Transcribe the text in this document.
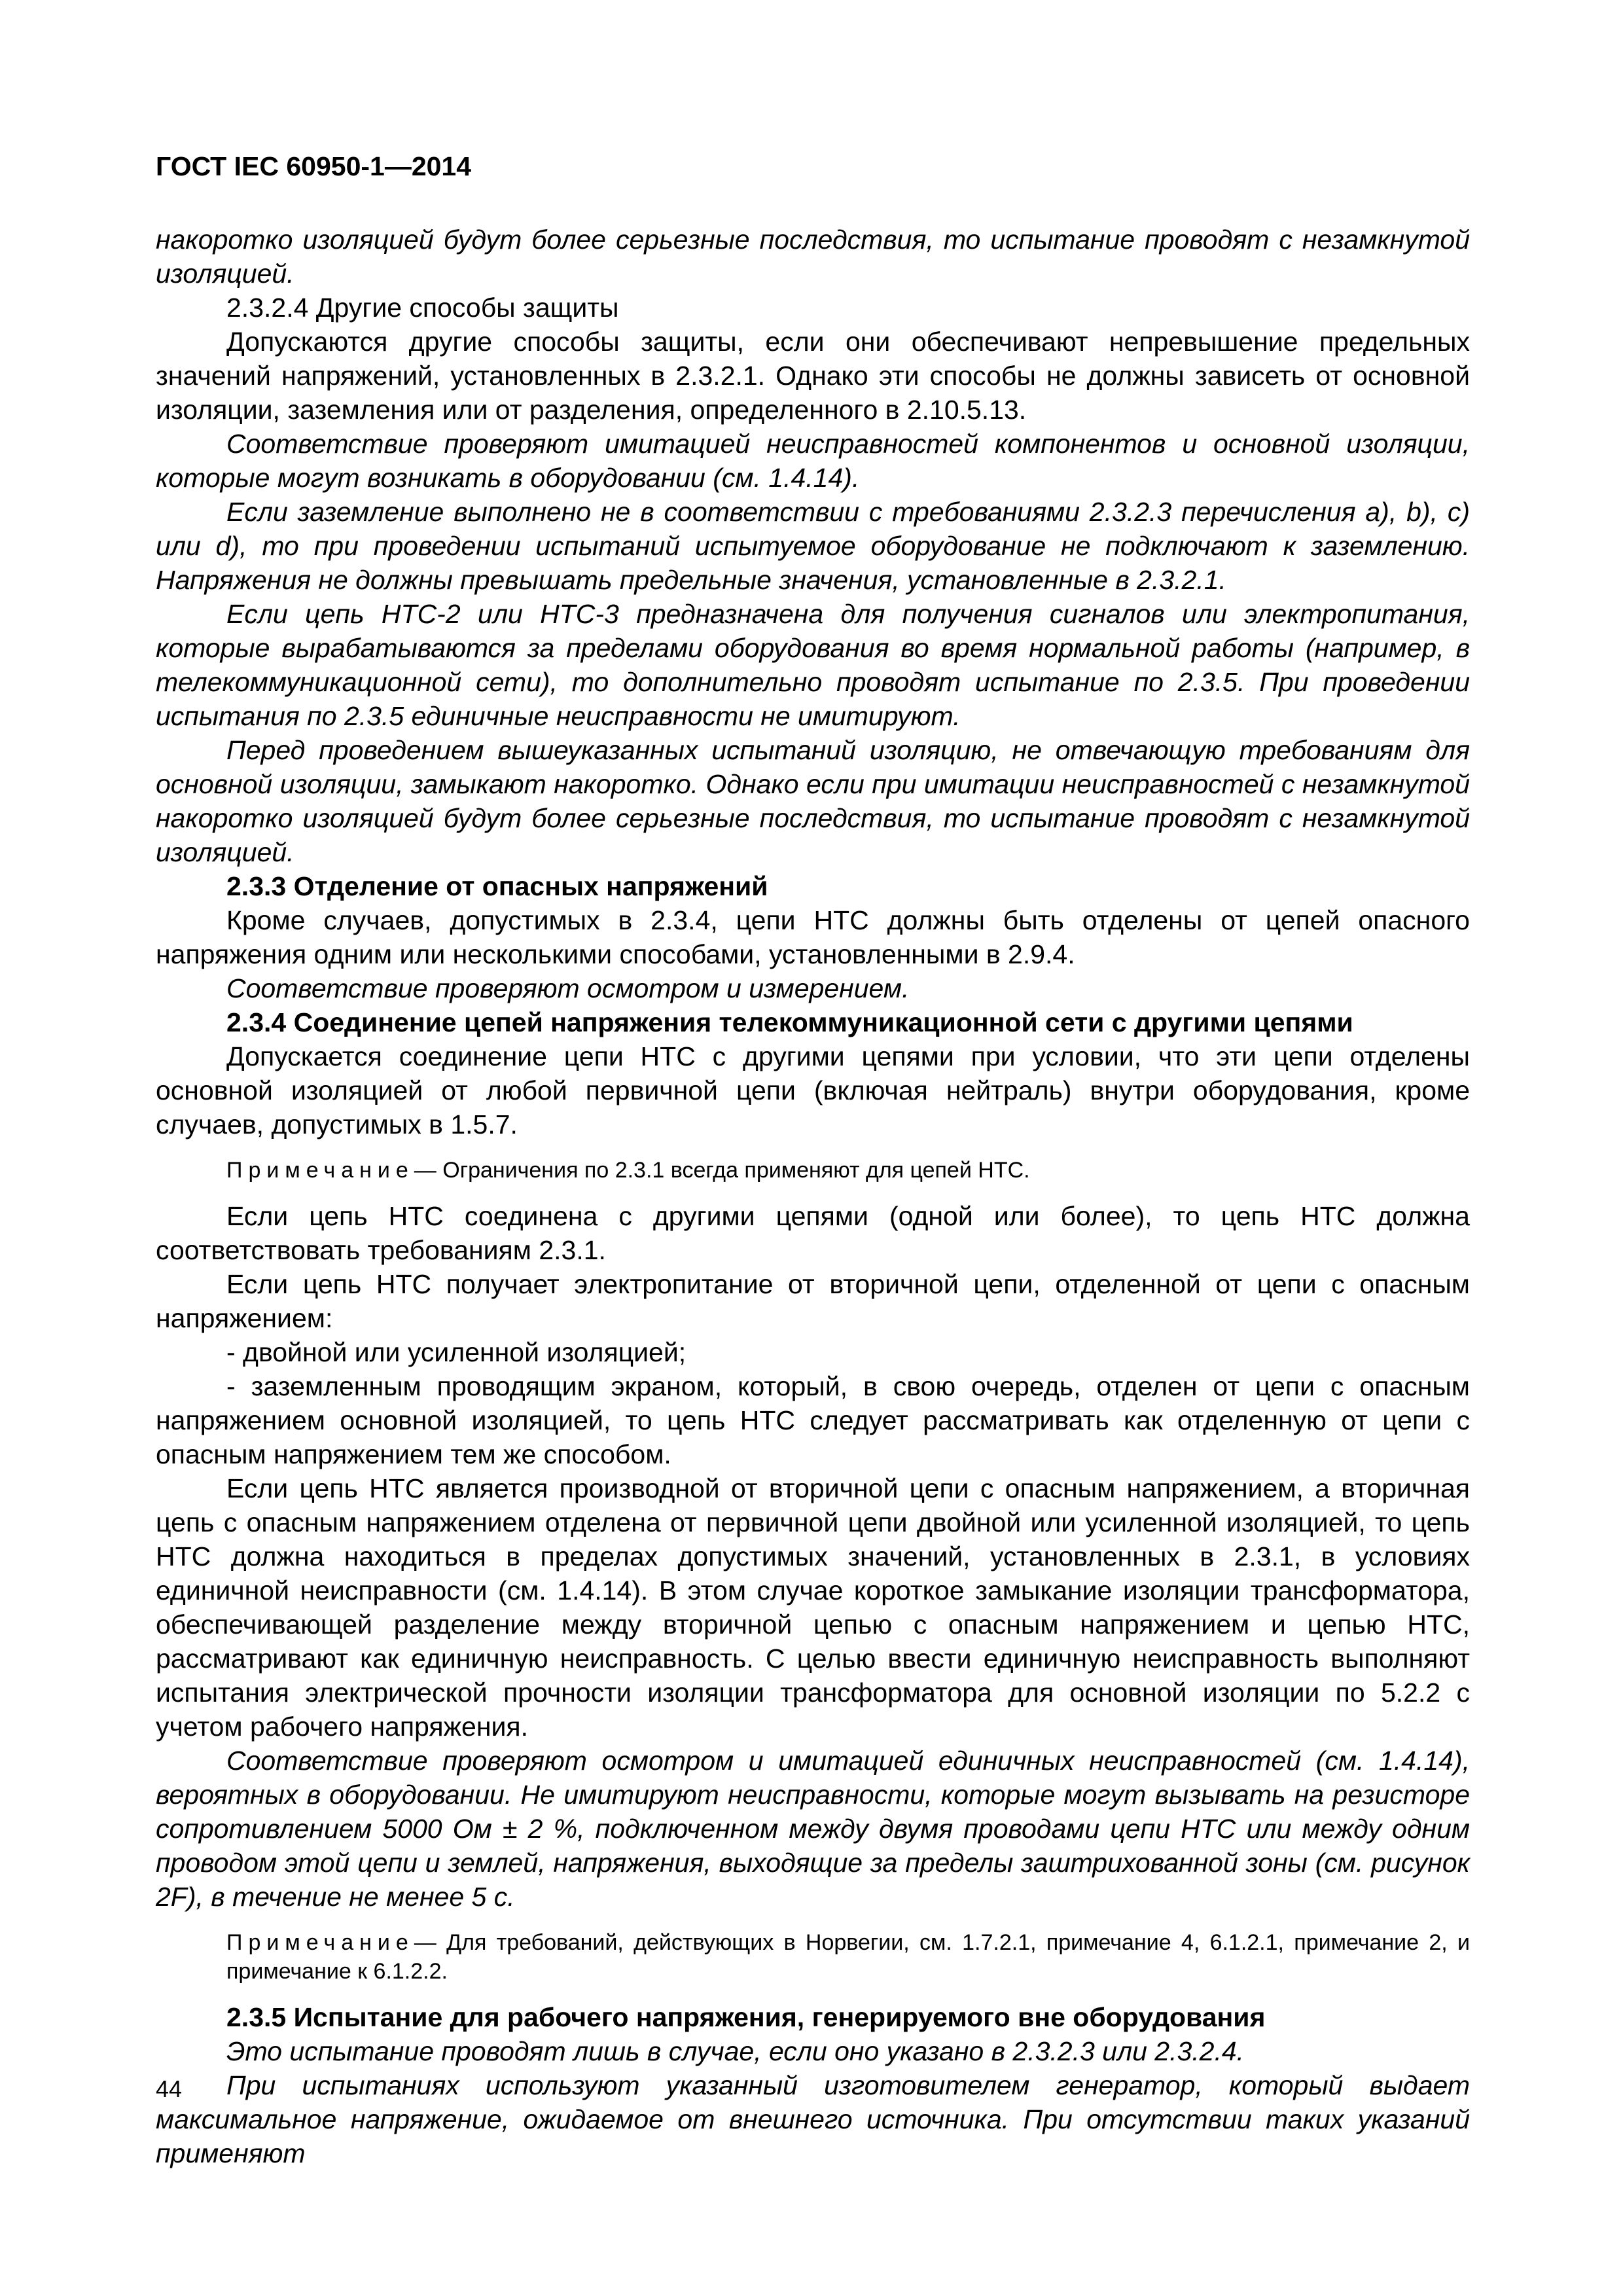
ГОСТ IEC 60950-1—2014

накоротко изоляцией будут более серьезные последствия, то испытание проводят с незамкнутой изоляцией.

2.3.2.4 Другие способы защиты

Допускаются другие способы защиты, если они обеспечивают непревышение предельных значений напряжений, установленных в 2.3.2.1. Однако эти способы не должны зависеть от основной изоляции, заземления или от разделения, определенного в 2.10.5.13.

Соответствие проверяют имитацией неисправностей компонентов и основной изоляции, которые могут возникать в оборудовании (см. 1.4.14).

Если заземление выполнено не в соответствии с требованиями 2.3.2.3 перечисления a), b), c) или d), то при проведении испытаний испытуемое оборудование не подключают к заземлению. Напряжения не должны превышать предельные значения, установленные в 2.3.2.1.

Если цепь НТС-2 или НТС-3 предназначена для получения сигналов или электропитания, которые вырабатываются за пределами оборудования во время нормальной работы (например, в телекоммуникационной сети), то дополнительно проводят испытание по 2.3.5. При проведении испытания по 2.3.5 единичные неисправности не имитируют.

Перед проведением вышеуказанных испытаний изоляцию, не отвечающую требованиям для основной изоляции, замыкают накоротко. Однако если при имитации неисправностей с незамкнутой накоротко изоляцией будут более серьезные последствия, то испытание проводят с незамкнутой изоляцией.

2.3.3 Отделение от опасных напряжений

Кроме случаев, допустимых в 2.3.4, цепи НТС должны быть отделены от цепей опасного напряжения одним или несколькими способами, установленными в 2.9.4.

Соответствие проверяют осмотром и измерением.

2.3.4 Соединение цепей напряжения телекоммуникационной сети с другими цепями

Допускается соединение цепи НТС с другими цепями при условии, что эти цепи отделены основной изоляцией от любой первичной цепи (включая нейтраль) внутри оборудования, кроме случаев, допустимых в 1.5.7.

Примечание— Ограничения по 2.3.1 всегда применяют для цепей НТС.

Если цепь НТС соединена с другими цепями (одной или более), то цепь НТС должна соответствовать требованиям 2.3.1.

Если цепь НТС получает электропитание от вторичной цепи, отделенной от цепи с опасным напряжением:

- двойной или усиленной изоляцией;

- заземленным проводящим экраном, который, в свою очередь, отделен от цепи с опасным напряжением основной изоляцией, то цепь НТС следует рассматривать как отделенную от цепи с опасным напряжением тем же способом.

Если цепь НТС является производной от вторичной цепи с опасным напряжением, а вторичная цепь с опасным напряжением отделена от первичной цепи двойной или усиленной изоляцией, то цепь НТС должна находиться в пределах допустимых значений, установленных в 2.3.1, в условиях единичной неисправности (см. 1.4.14). В этом случае короткое замыкание изоляции трансформатора, обеспечивающей разделение между вторичной цепью с опасным напряжением и цепью НТС, рассматривают как единичную неисправность. С целью ввести единичную неисправность выполняют испытания электрической прочности изоляции трансформатора для основной изоляции по 5.2.2 с учетом рабочего напряжения.

Соответствие проверяют осмотром и имитацией единичных неисправностей (см. 1.4.14), вероятных в оборудовании. Не имитируют неисправности, которые могут вызывать на резисторе сопротивлением 5000 Ом ± 2 %, подключенном между двумя проводами цепи НТС или между одним проводом этой цепи и землей, напряжения, выходящие за пределы заштрихованной зоны (см. рисунок 2F), в течение не менее 5 с.

Примечание— Для требований, действующих в Норвегии, см. 1.7.2.1, примечание 4, 6.1.2.1, примечание 2, и примечание к 6.1.2.2.

2.3.5 Испытание для рабочего напряжения, генерируемого вне оборудования

Это испытание проводят лишь в случае, если оно указано в 2.3.2.3 или 2.3.2.4.

При испытаниях используют указанный изготовителем генератор, который выдает максимальное напряжение, ожидаемое от внешнего источника. При отсутствии таких указаний применяют

44
